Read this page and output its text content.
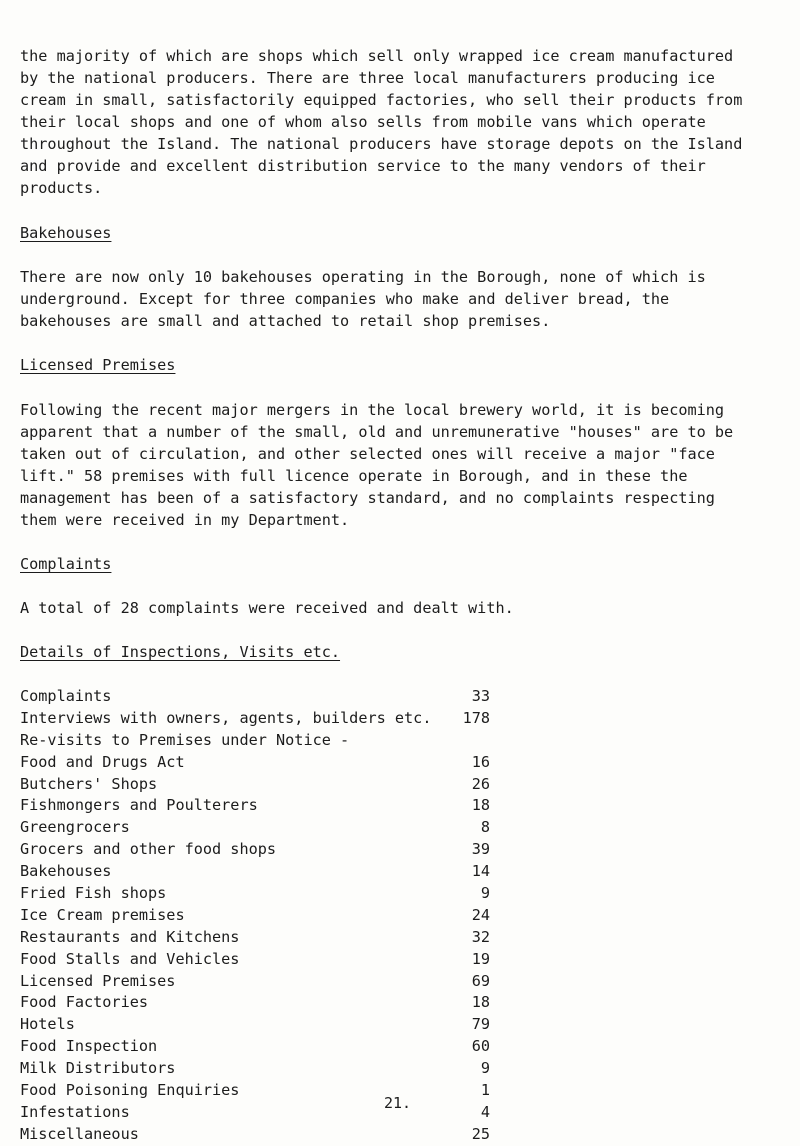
the majority of which are shops which sell only wrapped ice cream manufactured by the national producers. There are three local manufacturers producing ice cream in small, satisfactorily equipped factories, who sell their products from their local shops and one of whom also sells from mobile vans which operate throughout the Island. The national producers have storage depots on the Island and provide and excellent distribution service to the many vendors of their products.

Bakehouses

There are now only 10 bakehouses operating in the Borough, none of which is underground. Except for three companies who make and deliver bread, the bakehouses are small and attached to retail shop premises.

Licensed Premises

Following the recent major mergers in the local brewery world, it is becoming apparent that a number of the small, old and unremunerative "houses" are to be taken out of circulation, and other selected ones will receive a major "face lift." 58 premises with full licence operate in Borough, and in these the management has been of a satisfactory standard, and no complaints respecting them were received in my Department.

Complaints

A total of 28 complaints were received and dealt with.

Details of Inspections, Visits etc.

Complaints	33
Interviews with owners, agents, builders etc. 178
Re-visits to Premises under Notice -
Food and Drugs Act	16
Butchers' Shops	26
Fishmongers and Poulterers	18
Greengrocers	8
Grocers and other food shops	39
Bakehouses	14
Fried Fish shops	9
Ice Cream premises	24
Restaurants and Kitchens	32
Food Stalls and Vehicles	19
Licensed Premises	69
Food Factories	18
Hotels	79
Food Inspection	60
Milk Distributors	9
Food Poisoning Enquiries	1
Infestations	4
Miscellaneous	25
21.
